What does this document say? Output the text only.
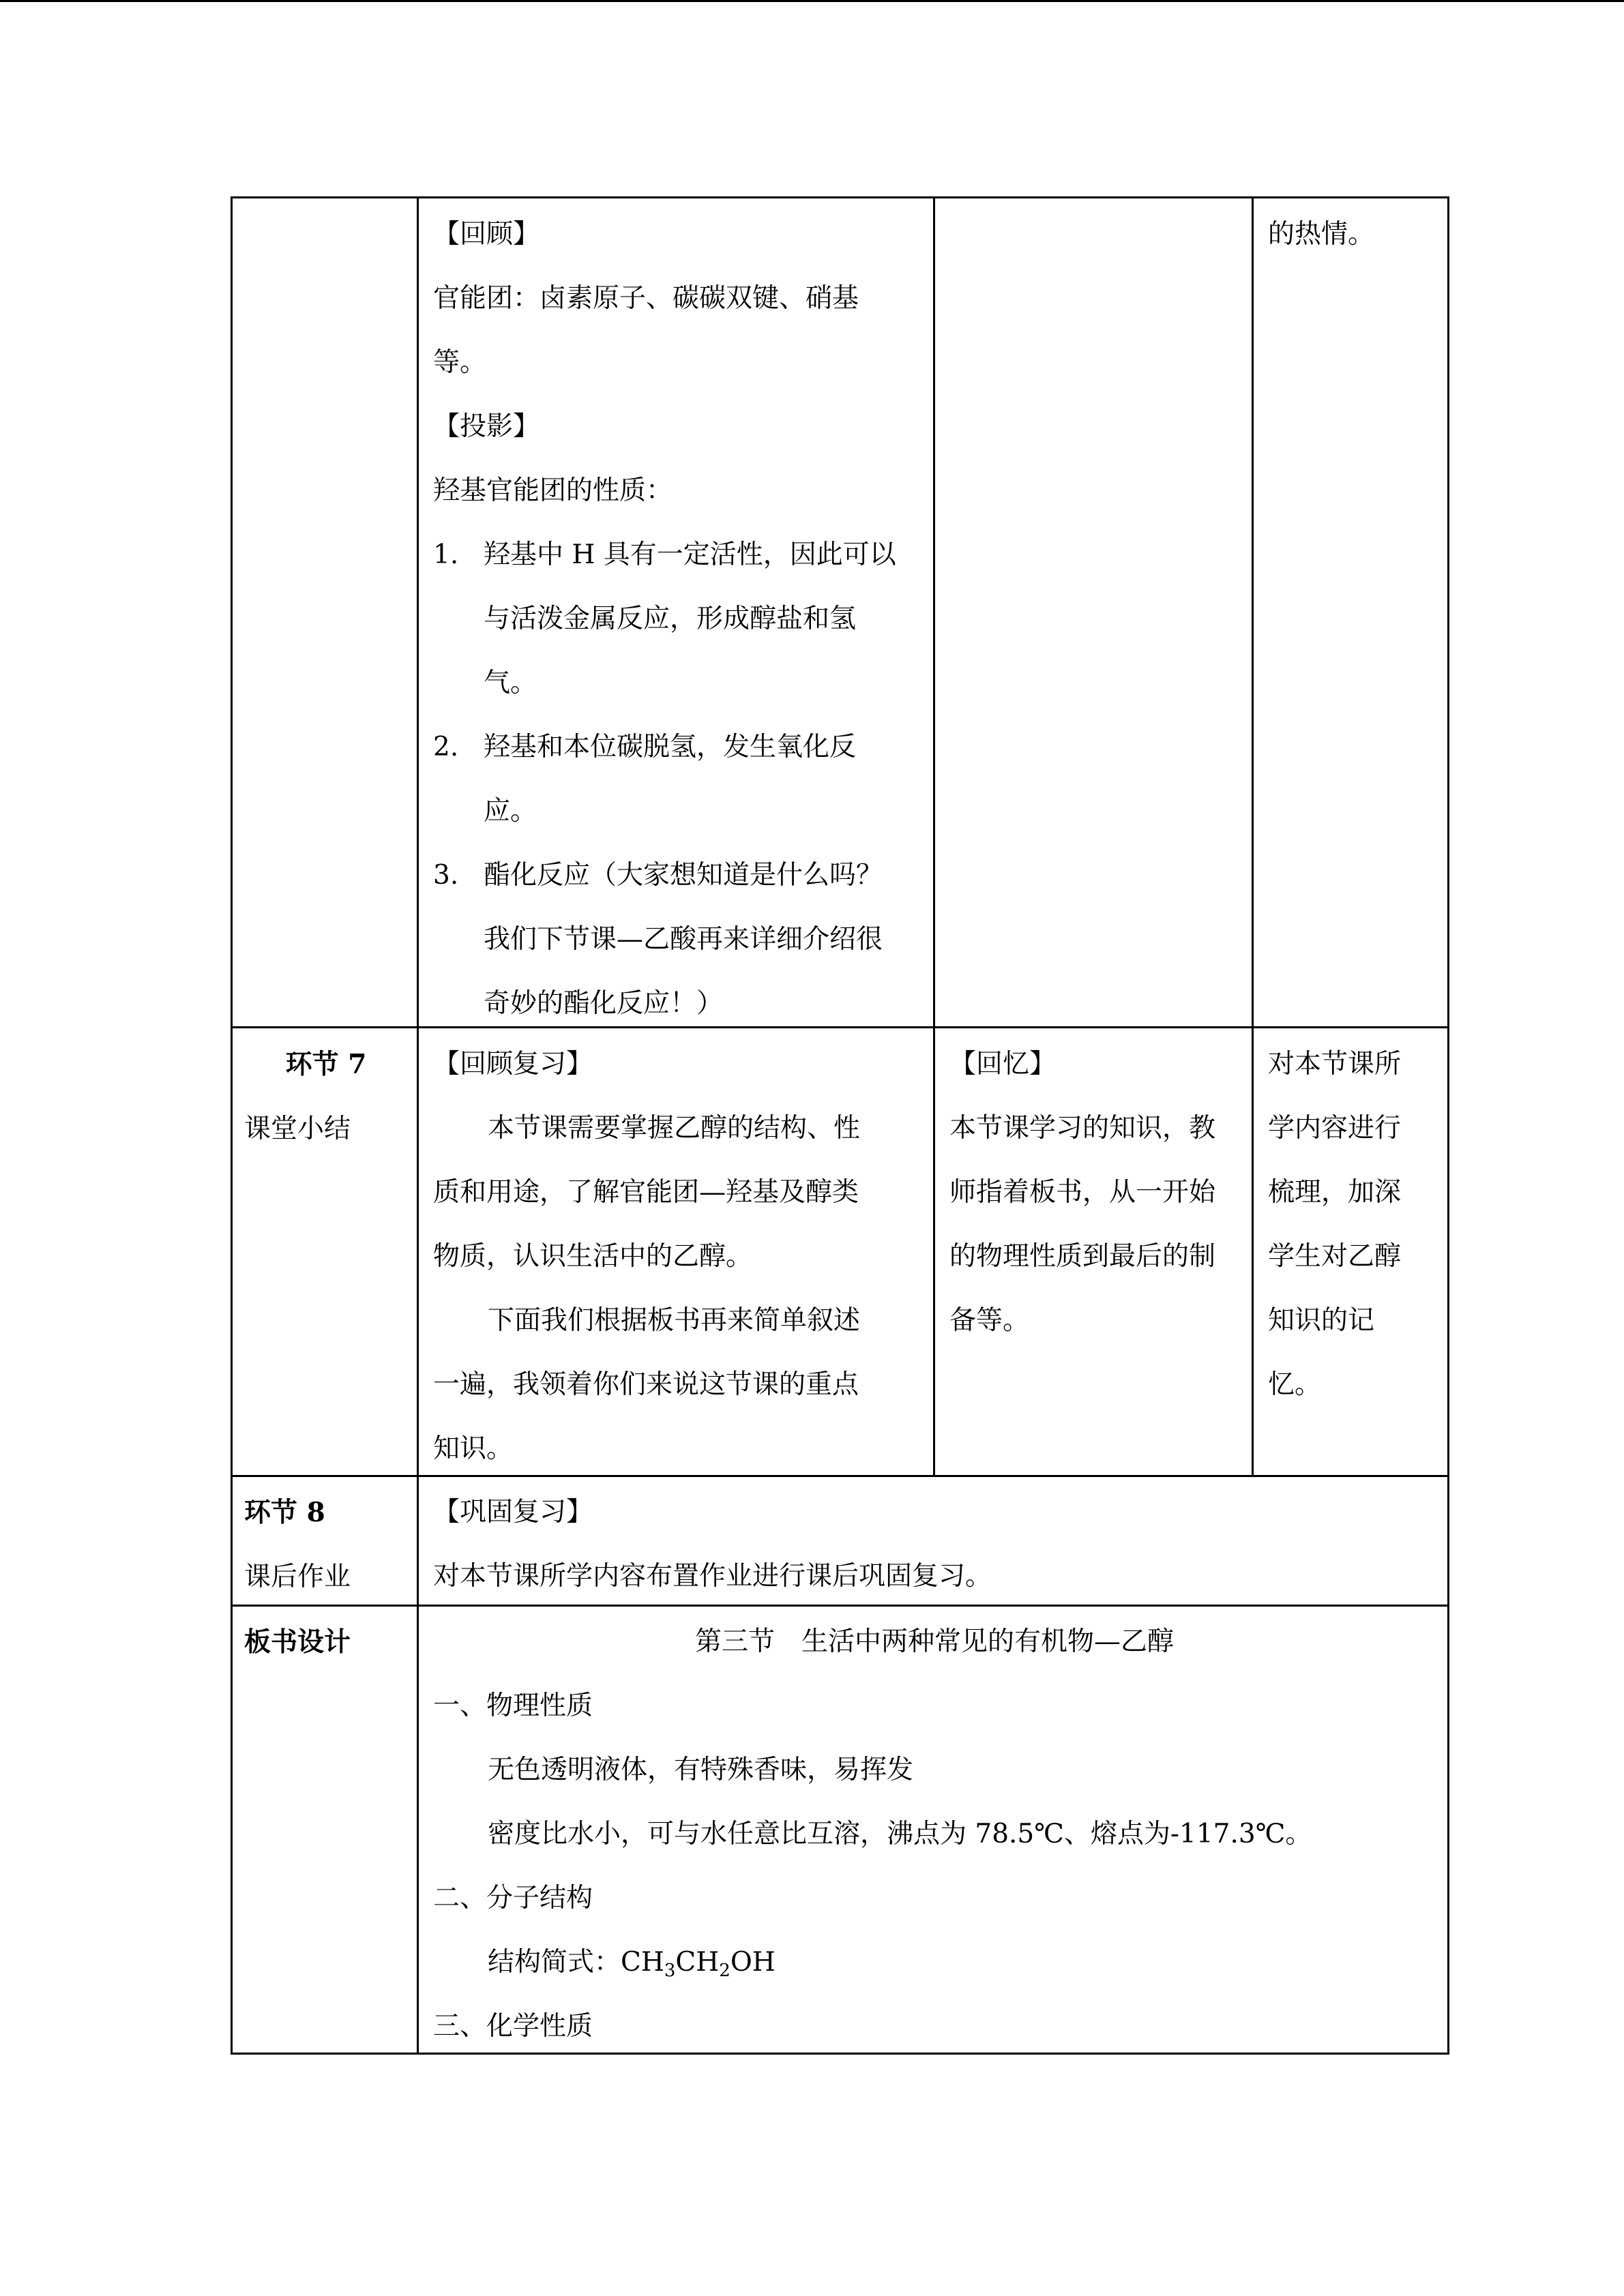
【回顾】

官能团：卤素原子、碳碳双键、硝基

等。

【投影】

羟基官能团的性质：

1. 羟基中 H 具有一定活性，因此可以

与活泼金属反应，形成醇盐和氢

气。

2. 羟基和本位碳脱氢，发生氧化反

应。

3. 酯化反应（大家想知道是什么吗？

我们下节课—乙酸再来详细介绍很

奇妙的酯化反应！）

的热情。

环节 7

课堂小结

【回顾复习】

本节课需要掌握乙醇的结构、性

质和用途，了解官能团—羟基及醇类

物质，认识生活中的乙醇。

下面我们根据板书再来简单叙述

一遍，我领着你们来说这节课的重点

知识。

【回忆】

本节课学习的知识，教

师指着板书，从一开始

的物理性质到最后的制

备等。

对本节课所

学内容进行

梳理，加深

学生对乙醇

知识的记

忆。

环节 8

课后作业

【巩固复习】

对本节课所学内容布置作业进行课后巩固复习。

板书设计	第三节　生活中两种常见的有机物—乙醇

一、物理性质

无色透明液体，有特殊香味，易挥发

密度比水小，可与水任意比互溶，沸点为 78.5℃、熔点为-117.3℃。

二、分子结构

结构简式：$CH_3CH_2OH$

三、化学性质
